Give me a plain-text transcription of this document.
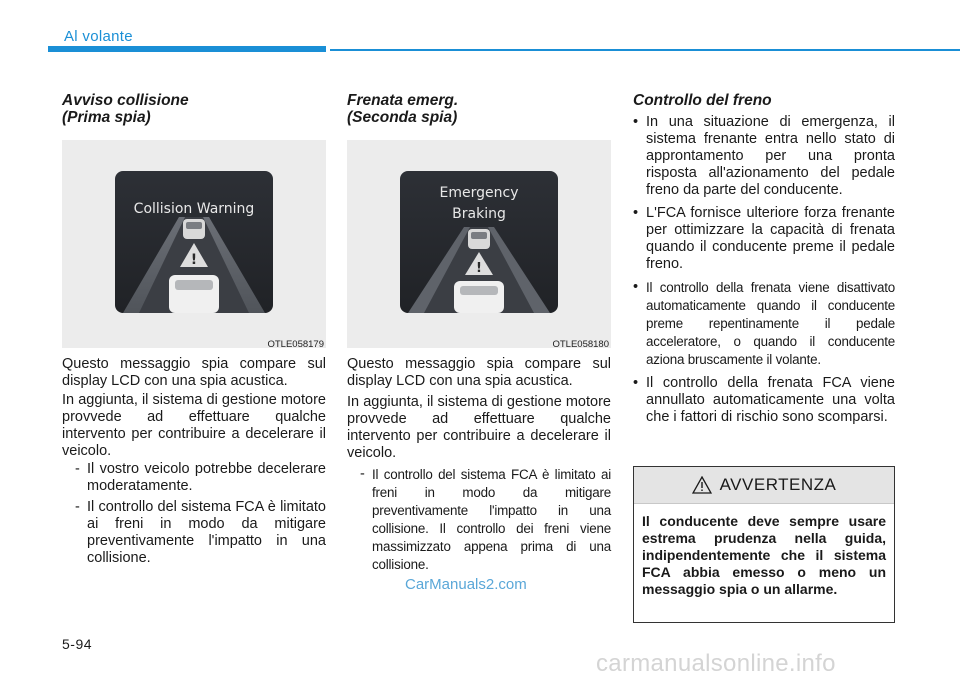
Al volante
Avviso collisione
(Prima spia)
Collision Warning
!
OTLE058179
Questo messaggio spia compare sul display LCD con una spia acustica.
In aggiunta, il sistema di gestione motore provvede ad effettuare qualche intervento per contribuire a decelerare il veicolo.
- Il vostro veicolo potrebbe decelerare moderatamente.
- Il controllo del sistema FCA è limitato ai freni in modo da mitigare preventivamente l'impatto in una collisione.
Frenata emerg.
(Seconda spia)
Emergency
Braking
!
OTLE058180
Questo messaggio spia compare sul display LCD con una spia acustica.
In aggiunta, il sistema di gestione motore provvede ad effettuare qualche intervento per contribuire a decelerare il veicolo.
- Il controllo del sistema FCA è limitato ai freni in modo da mitigare preventivamente l'impatto in una collisione. Il controllo dei freni viene massimizzato appena prima di una collisione.
Controllo del freno
• In una situazione di emergenza, il sistema frenante entra nello stato di approntamento per una pronta risposta all'azionamento del pedale freno da parte del conducente.
• L'FCA fornisce ulteriore forza frenante per ottimizzare la capacità di frenata quando il conducente preme il pedale freno.
• Il controllo della frenata viene disattivato automaticamente quando il conducente preme repentinamente il pedale acceleratore, o quando il conducente aziona bruscamente il volante.
• Il controllo della frenata FCA viene annullato automaticamente una volta che i fattori di rischio sono scomparsi.
AVVERTENZA
Il conducente deve sempre usare estrema prudenza nella guida, indipendentemente che il sistema FCA abbia emesso o meno un messaggio spia o un allarme.
CarManuals2.com
5-94
carmanualsonline.info
